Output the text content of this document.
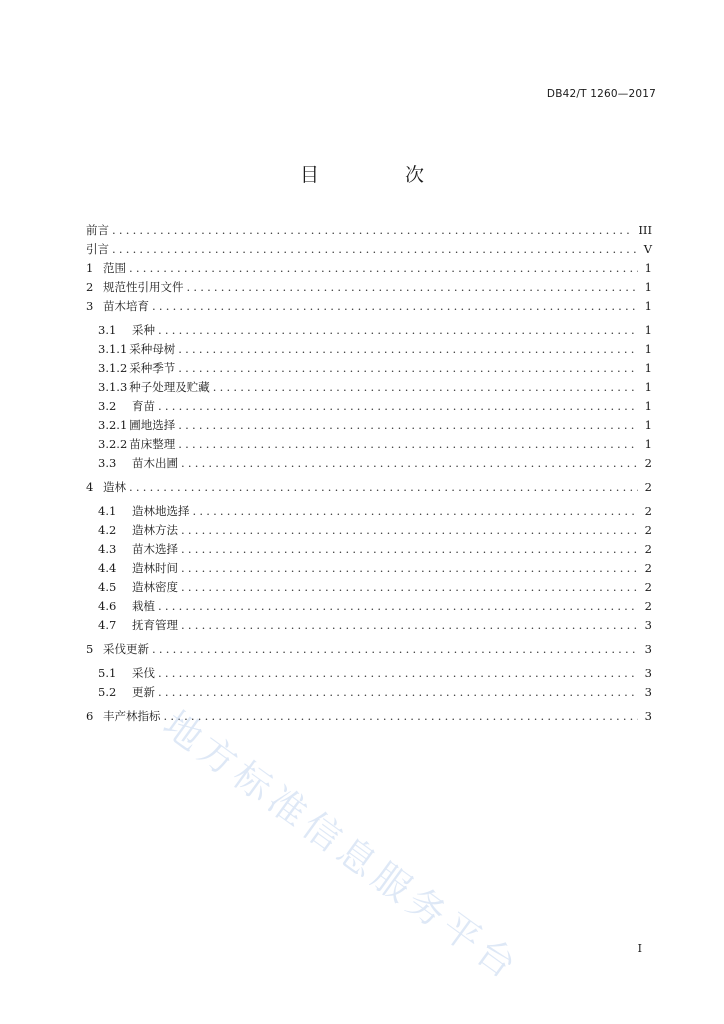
DB42/T 1260—2017
目 次
前言 .....	III
引言 .....	V
1 范围 .....	1
2 规范性引用文件 .....	1
3 苗木培育 .....	1
3.1	采种 .....	1
3.1.1 采种母树 .....	1
3.1.2 采种季节 .....	1
3.1.3 种子处理及贮藏 .....	1
3.2	育苗 .....	1
3.2.1 圃地选择 .....	1
3.2.2 苗床整理 .....	1
3.3	苗木出圃 .....	2
4 造林 .....	2
4.1	造林地选择 .....	2
4.2	造林方法 .....	2
4.3	苗木选择 .....	2
4.4	造林时间 .....	2
4.5	造林密度 .....	2
4.6	栽植 .....	2
4.7	抚育管理 .....	3
5 采伐更新 .....	3
5.1	采伐 .....	3
5.2	更新 .....	3
6 丰产林指标 .....	3
I
地方标准信息服务平台
